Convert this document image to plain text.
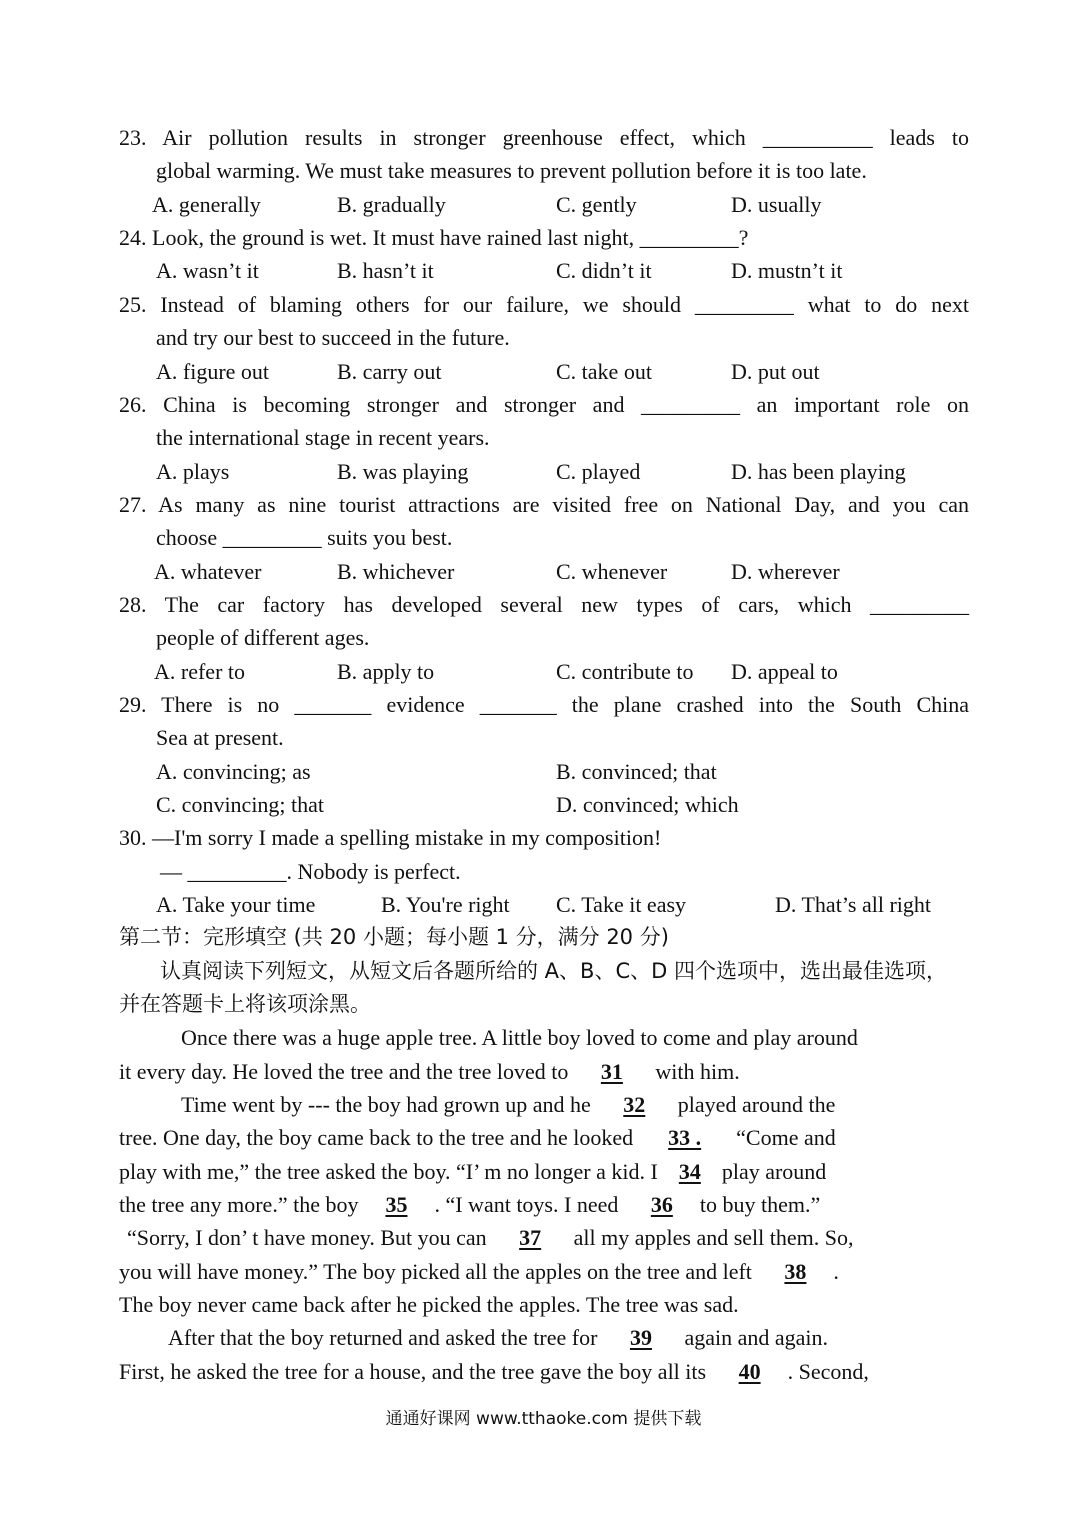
23. Air pollution results in stronger greenhouse effect, which __________ leads to
global warming. We must take measures to prevent pollution before it is too late.
A. generally	B. gradually	C. gently	D. usually
24. Look, the ground is wet. It must have rained last night, _________?
A. wasn’t it	B. hasn’t it	C. didn’t it	D. mustn’t it
25. Instead of blaming others for our failure, we should _________ what to do next
and try our best to succeed in the future.
A. figure out	B. carry out	C. take out	D. put out
26. China is becoming stronger and stronger and _________ an important role on
the international stage in recent years.
A. plays	B. was playing	C. played	D. has been playing
27. As many as nine tourist attractions are visited free on National Day, and you can
choose _________ suits you best.
A. whatever	B. whichever	C. whenever	D. wherever
28. The car factory has developed several new types of cars, which _________
people of different ages.
A. refer to	B. apply to	C. contribute to D. appeal to
29. There is no _______ evidence _______ the plane crashed into the South China
Sea at present.
A. convincing; as	B. convinced; that
C. convincing; that	D. convinced; which
30. —I'm sorry I made a spelling mistake in my composition!
— _________. Nobody is perfect.
A. Take your time	B. You're right C. Take it easy	D. That’s all right
第二节：完形填空 (共 20 小题；每小题 1 分，满分 20 分)
认真阅读下列短文，从短文后各题所给的 A、B、C、D 四个选项中，选出最佳选项，
并在答题卡上将该项涂黑。
Once there was a huge apple tree. A little boy loved to come and play around
it every day. He loved the tree and the tree loved to 31 with him.
Time went by --- the boy had grown up and he 32 played around the
tree. One day, the boy came back to the tree and he looked 33 . “Come and
play with me,” the tree asked the boy. “I’ m no longer a kid. I 34 play around
the tree any more.” the boy 35 . “I want toys. I need 36 to buy them.”
“Sorry, I don’ t have money. But you can 37 all my apples and sell them. So,
you will have money.” The boy picked all the apples on the tree and left 38 .
The boy never came back after he picked the apples. The tree was sad.
After that the boy returned and asked the tree for 39 again and again.
First, he asked the tree for a house, and the tree gave the boy all its 40 . Second,
通通好课网 www.tthaoke.com 提供下载
